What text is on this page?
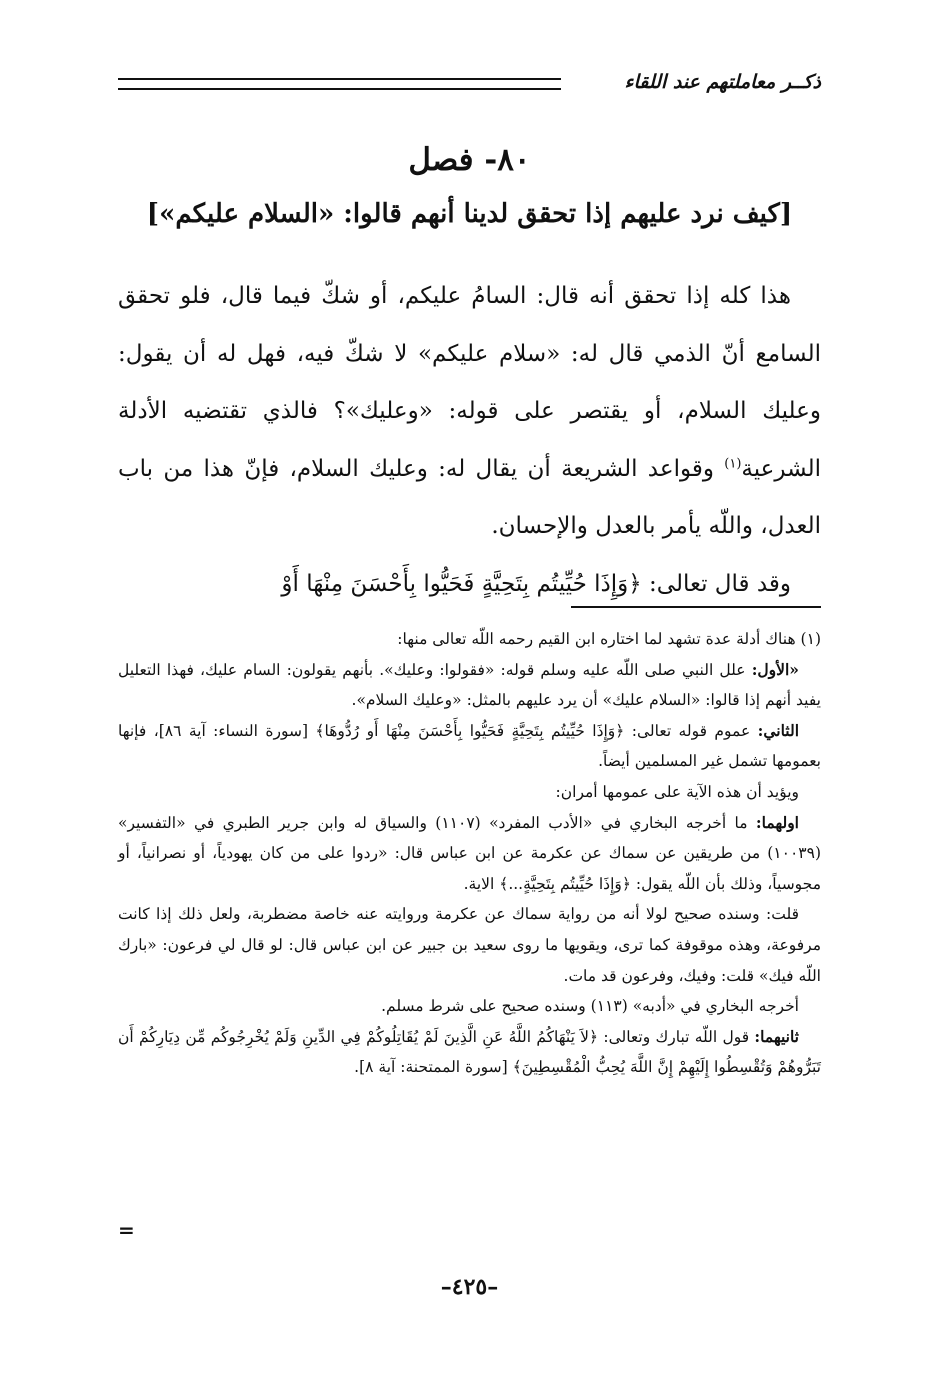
ذكــر معاملتهم عند اللقاء
٨٠- فصل
[كيف نرد عليهم إذا تحقق لدينا أنهم قالوا: «السلام عليكم»]

هذا كله إذا تحقق أنه قال: السامُ عليكم، أو شكّ فيما قال، فلو تحقق السامع أنّ الذمي قال له: «سلام عليكم» لا شكّ فيه، فهل له أن يقول: وعليك السلام، أو يقتصر على قوله: «وعليك»؟ فالذي تقتضيه الأدلة الشرعية$^{(١)}$ وقواعد الشريعة أن يقال له: وعليك السلام، فإنّ هذا من باب العدل، واللّه يأمر بالعدل والإحسان.

وقد قال تعالى: ﴿وَإِذَا حُيِّيتُم بِتَحِيَّةٍ فَحَيُّوا بِأَحْسَنَ مِنْهَا أَوْ

(١) هناك أدلة عدة تشهد لما اختاره ابن القيم رحمه اللّه تعالى منها:

«الأول: علل النبي صلى اللّه عليه وسلم قوله: «فقولوا: وعليك». بأنهم يقولون: السام عليك، فهذا التعليل يفيد أنهم إذا قالوا: «السلام عليك» أن يرد عليهم بالمثل: «وعليك السلام».

الثاني: عموم قوله تعالى: ﴿وَإِذَا حُيِّيتُم بِتَحِيَّةٍ فَحَيُّوا بِأَحْسَنَ مِنْهَا أَو رُدُّوهَا﴾ [سورة النساء: آية ٨٦]، فإنها بعمومها تشمل غير المسلمين أيضاً.

ويؤيد أن هذه الآية على عمومها أمران:

اولهما: ما أخرجه البخاري في «الأدب المفرد» (١١٠٧) والسياق له وابن جرير الطبري في «التفسير» (١٠٠٣٩) من طريقين عن سماك عن عكرمة عن ابن عباس قال: «ردوا على من كان يهودياً، أو نصرانياً، أو مجوسياً، وذلك بأن اللّه يقول: ﴿وَإِذَا حُيِّيتُم بِتَحِيَّةٍ...﴾ الاية.

قلت: وسنده صحيح لولا أنه من رواية سماك عن عكرمة وروايته عنه خاصة مضطربة، ولعل ذلك إذا كانت مرفوعة، وهذه موقوفة كما ترى، ويقويها ما روى سعيد بن جبير عن ابن عباس قال: لو قال لي فرعون: «بارك اللّه فيك» قلت: وفيك، وفرعون قد مات.

أخرجه البخاري في «أدبه» (١١٣) وسنده صحيح على شرط مسلم.

ثانيهما: قول اللّه تبارك وتعالى: ﴿لاَ يَنْهَاكُمُ اللَّهُ عَنِ الَّذِينَ لَمْ يُقَاتِلُوكُمْ فِي الدِّينِ وَلَمْ يُخْرِجُوكُم مِّن دِيَارِكُمْ أَن تَبَرُّوهُمْ وَتُقْسِطُوا إِلَيْهِمْ إِنَّ اللَّهَ يُحِبُّ الْمُقْسِطِينَ﴾ [سورة الممتحنة: آية ٨].

=
–٤٢٥–
